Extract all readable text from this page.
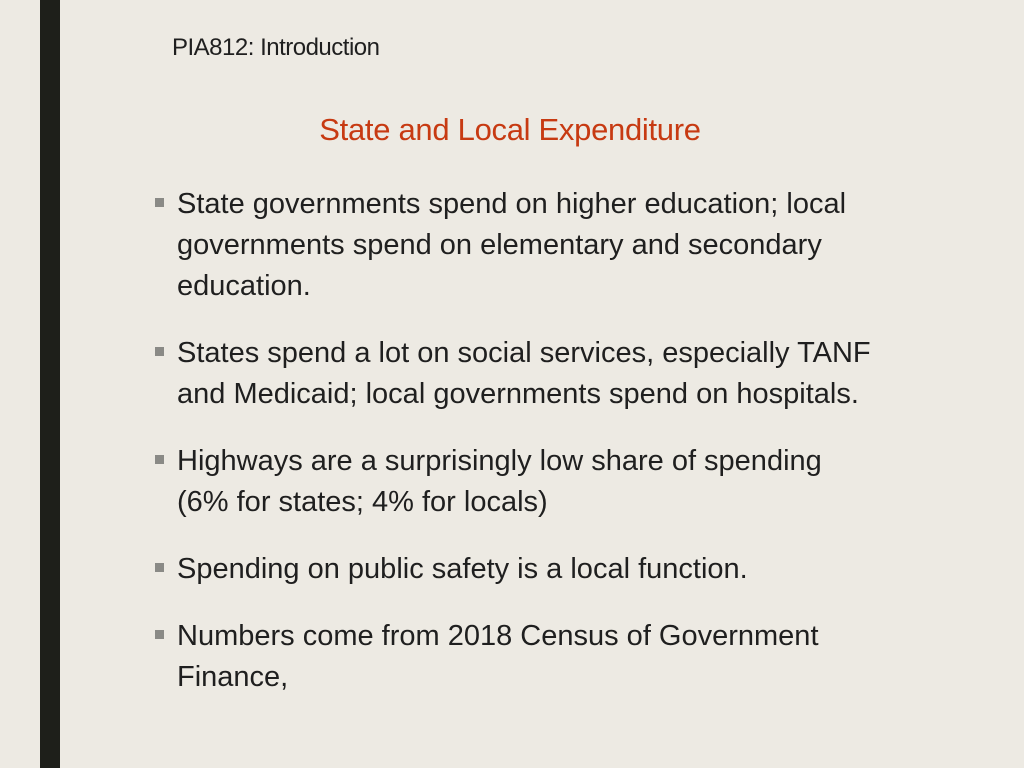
PIA812: Introduction
State and Local Expenditure
State governments spend on higher education; local governments spend on elementary and secondary education.
States spend a lot on social services, especially TANF and Medicaid; local governments spend on hospitals.
Highways are a surprisingly low share of spending (6% for states; 4% for locals)
Spending on public safety is a local function.
Numbers come from 2018 Census of Government Finance,
